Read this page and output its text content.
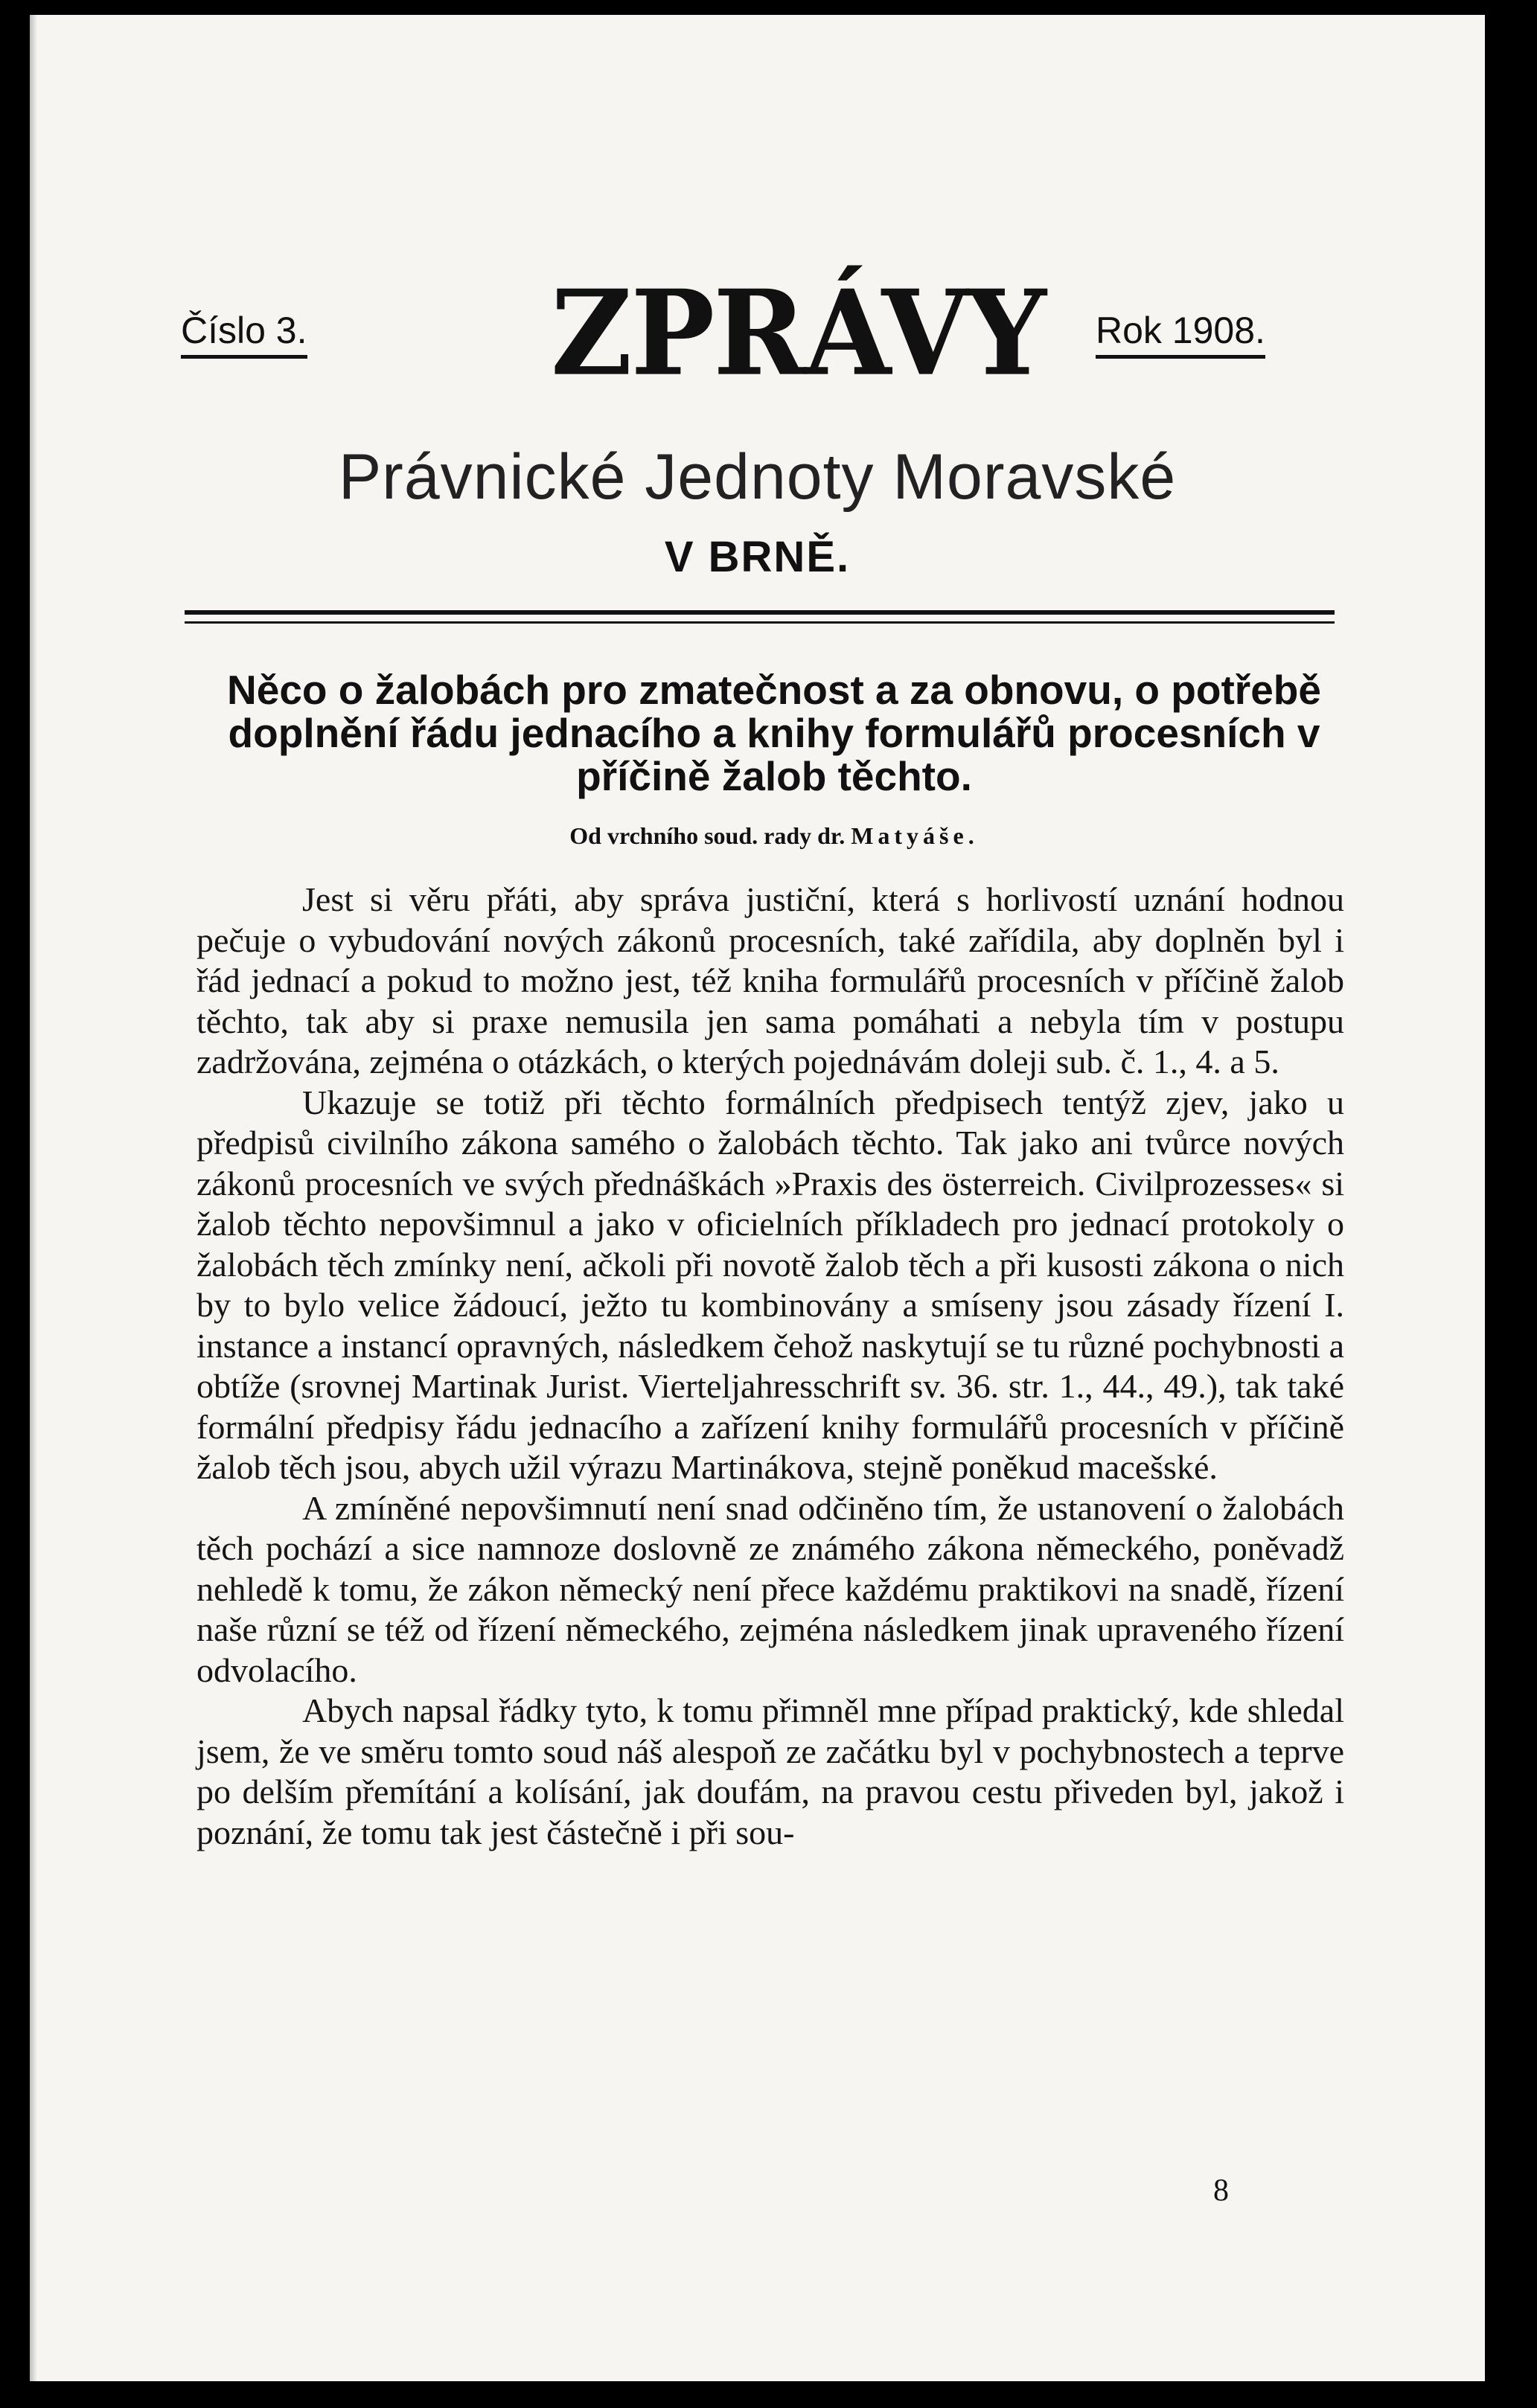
Číslo 3. ZPRÁVY Rok 1908.
Právnické Jednoty Moravské
V BRNĚ.
Něco o žalobách pro zmatečnost a za obnovu, o potřebě doplnění řádu jednacího a knihy formulářů procesních v příčině žalob těchto.
Od vrchního soud. rady dr. Matyáše.

Jest si věru přáti, aby správa justiční, která s horlivostí uznání hodnou pečuje o vybudování nových zákonů procesních, také zařídila, aby doplněn byl i řád jednací a pokud to možno jest, též kniha formulářů procesních v příčině žalob těchto, tak aby si praxe nemusila jen sama pomáhati a nebyla tím v postupu zadržována, zejména o otázkách, o kterých pojednávám doleji sub. č. 1., 4. a 5.

Ukazuje se totiž při těchto formálních předpisech tentýž zjev, jako u předpisů civilního zákona samého o žalobách těchto. Tak jako ani tvůrce nových zákonů procesních ve svých přednáškách »Praxis des österreich. Civilprozesses« si žalob těchto nepovšimnul a jako v oficielních příkladech pro jednací protokoly o žalobách těch zmínky není, ačkoli při novotě žalob těch a při kusosti zákona o nich by to bylo velice žádoucí, ježto tu kombinovány a smíseny jsou zásady řízení I. instance a instancí opravných, následkem čehož naskytují se tu různé pochybnosti a obtíže (srovnej Martinak Jurist. Vierteljahresschrift sv. 36. str. 1., 44., 49.), tak také formální předpisy řádu jednacího a zařízení knihy formulářů procesních v příčině žalob těch jsou, abych užil výrazu Martinákova, stejně poněkud macešské.

A zmíněné nepovšimnutí není snad odčiněno tím, že ustanovení o žalobách těch pochází a sice namnoze doslovně ze známého zákona německého, poněvadž nehledě k tomu, že zákon německý není přece každému praktikovi na snadě, řízení naše různí se též od řízení německého, zejména následkem jinak upraveného řízení odvolacího.

Abych napsal řádky tyto, k tomu přimněl mne případ praktický, kde shledal jsem, že ve směru tomto soud náš alespoň ze začátku byl v pochybnostech a teprve po delším přemítání a kolísání, jak doufám, na pravou cestu přiveden byl, jakož i poznání, že tomu tak jest částečně i při sou-

8
